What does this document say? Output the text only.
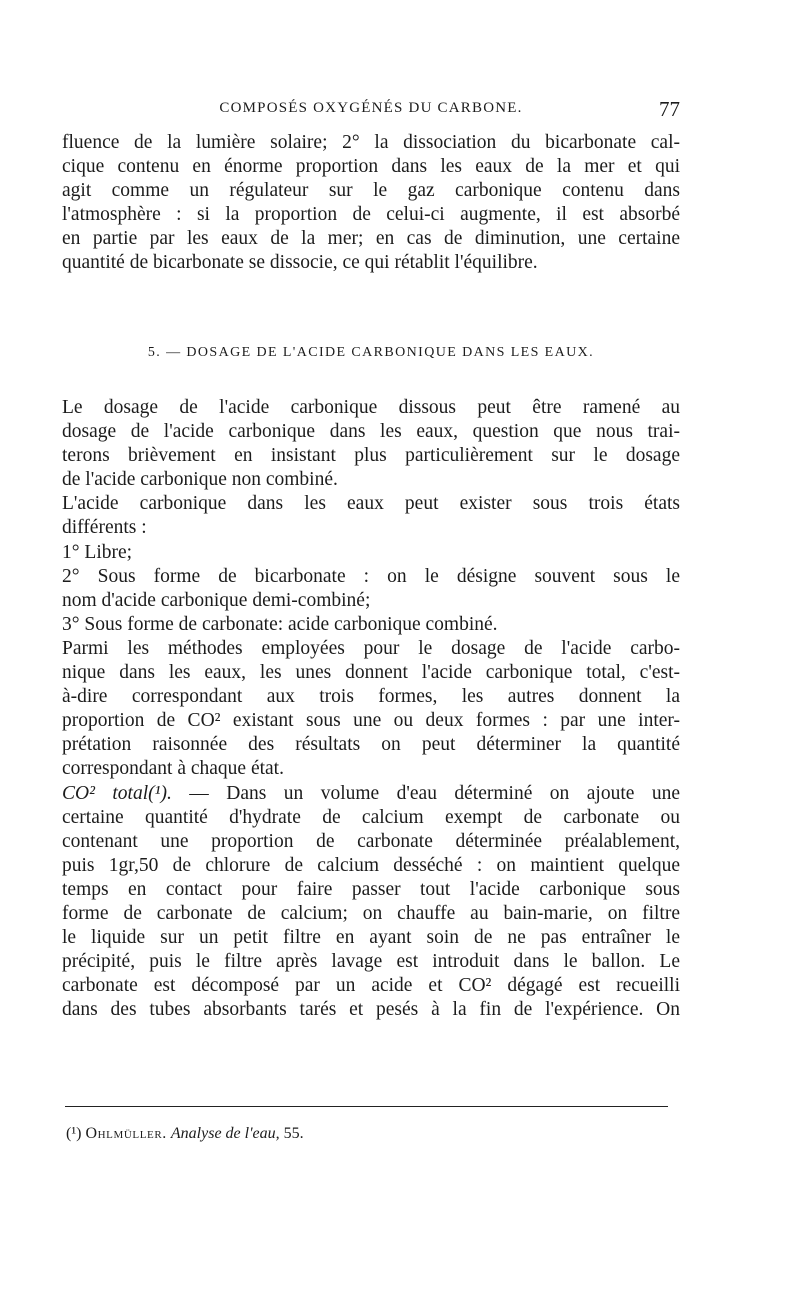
COMPOSÉS OXYGÉNÉS DU CARBONE.	77

fluence de la lumière solaire; 2° la dissociation du bicarbonate cal-

cique contenu en énorme proportion dans les eaux de la mer et qui

agit comme un régulateur sur le gaz carbonique contenu dans

l'atmosphère : si la proportion de celui-ci augmente, il est absorbé

en partie par les eaux de la mer; en cas de diminution, une certaine

quantité de bicarbonate se dissocie, ce qui rétablit l'équilibre.

5. — DOSAGE DE L'ACIDE CARBONIQUE DANS LES EAUX.

Le dosage de l'acide carbonique dissous peut être ramené au

dosage de l'acide carbonique dans les eaux, question que nous trai-

terons brièvement en insistant plus particulièrement sur le dosage

de l'acide carbonique non combiné.

L'acide carbonique dans les eaux peut exister sous trois états

différents :

1° Libre;

2° Sous forme de bicarbonate : on le désigne souvent sous le

nom d'acide carbonique demi-combiné;

3° Sous forme de carbonate: acide carbonique combiné.

Parmi les méthodes employées pour le dosage de l'acide carbo-

nique dans les eaux, les unes donnent l'acide carbonique total, c'est-

à-dire correspondant aux trois formes, les autres donnent la

proportion de CO² existant sous une ou deux formes : par une inter-

prétation raisonnée des résultats on peut déterminer la quantité

correspondant à chaque état.

CO² total(¹). — Dans un volume d'eau déterminé on ajoute une

certaine quantité d'hydrate de calcium exempt de carbonate ou

contenant une proportion de carbonate déterminée préalablement,

puis 1gr,50 de chlorure de calcium desséché : on maintient quelque

temps en contact pour faire passer tout l'acide carbonique sous

forme de carbonate de calcium; on chauffe au bain-marie, on filtre

le liquide sur un petit filtre en ayant soin de ne pas entraîner le

précipité, puis le filtre après lavage est introduit dans le ballon. Le

carbonate est décomposé par un acide et CO² dégagé est recueilli

dans des tubes absorbants tarés et pesés à la fin de l'expérience. On

(¹) Ohlmüller. Analyse de l'eau, 55.
